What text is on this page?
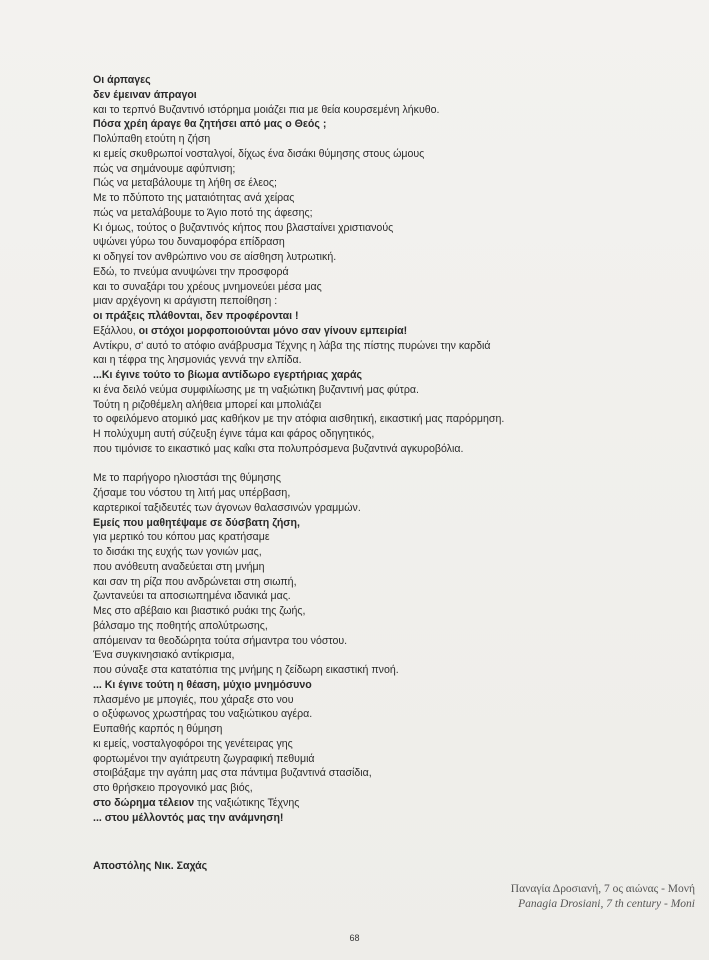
Οι άρπαγες
δεν έμειναν άπραγοι
και το τερπνό Βυζαντινό ιστόρημα μοιάζει πια με θεία κουρσεμένη λήκυθο.
Πόσα χρέη άραγε θα ζητήσει από μας ο Θεός ;
Πολύπαθη ετούτη η ζήση
κι εμείς σκυθρωποί νοσταλγοί, δίχως ένα δισάκι θύμησης στους ώμους
πώς να σημάνουμε αφύπνιση;
Πώς να μεταβάλουμε τη λήθη σε έλεος;
Με το πδύποτο της ματαιότητας ανά χείρας
πώς να μεταλάβουμε το Άγιο ποτό της άφεσης;
Κι όμως, τούτος ο βυζαντινός κήπος που βλασταίνει χριστιανούς
υψώνει γύρω του δυναμοφόρα επίδραση
κι οδηγεί τον ανθρώπινο νου σε αίσθηση λυτρωτική.
Εδώ, το πνεύμα ανυψώνει την προσφορά
και το συναξάρι του χρέους μνημονεύει μέσα μας
μιαν αρχέγονη κι αράγιστη πεποίθηση :
οι πράξεις πλάθονται, δεν προφέρονται !
Εξάλλου, οι στόχοι μορφοποιούνται μόνο σαν γίνουν εμπειρία!
Αντίκρυ, σ' αυτό το ατόφιο ανάβρυσμα Τέχνης η λάβα της πίστης πυρώνει την καρδιά
και η τέφρα της λησμονιάς γεννά την ελπίδα.
...Κι έγινε τούτο το βίωμα αντίδωρο εγερτήριας χαράς
κι ένα δειλό νεύμα συμφιλίωσης με τη ναξιώτικη βυζαντινή μας φύτρα.
Τούτη η ριζοθέμελη αλήθεια μπορεί και μπολιάζει
το οφειλόμενο ατομικό μας καθήκον με την ατόφια αισθητική, εικαστική μας παρόρμηση.
Η πολύχυμη αυτή σύζευξη έγινε τάμα και φάρος οδηγητικός,
που τιμόνισε το εικαστικό μας καΐκι στα πολυπρόσμενα βυζαντινά αγκυροβόλια.
Με το παρήγορο ηλιοστάσι της θύμησης
ζήσαμε του νόστου τη λιτή μας υπέρβαση,
καρτερικοί ταξιδευτές των άγονων θαλασσινών γραμμών.
Εμείς που μαθητέψαμε σε δύσβατη ζήση,
για μερτικό του κόπου μας κρατήσαμε
το δισάκι της ευχής των γονιών μας,
που ανόθευτη αναδεύεται στη μνήμη
και σαν τη ρίζα που ανδρώνεται στη σιωπή,
ζωντανεύει τα αποσιωπημένα ιδανικά μας.
Μες στο αβέβαιο και βιαστικό ρυάκι της ζωής,
βάλσαμο της ποθητής απολύτρωσης,
απόμειναν τα θεοδώρητα τούτα σήμαντρα του νόστου.
Ένα συγκινησιακό αντίκρισμα,
που σύναξε στα κατατόπια της μνήμης η ζείδωρη εικαστική πνοή.
... Κι έγινε τούτη η θέαση, μύχιο μνημόσυνο
πλασμένο με μπογιές, που χάραξε στο νου
ο οξύφωνος χρωστήρας του ναξιώτικου αγέρα.
Ευπαθής καρπός η θύμηση
κι εμείς, νοσταλγοφόροι της γενέτειρας γης
φορτωμένοι την αγιάτρευτη ζωγραφική πεθυμιά
στοιβάξαμε την αγάπη μας στα πάντιμα βυζαντινά στασίδια,
στο θρήσκειο προγονικό μας βιός,
στο δώρημα τέλειον της ναξιώτικης Τέχνης
... στου μέλλοντός μας την ανάμνηση!
Αποστόλης Νικ. Σαχάς
Παναγία Δροσιανή, 7 ος αιώνας - Μονή
Panagia Drosiani, 7 th century - Moni
68
